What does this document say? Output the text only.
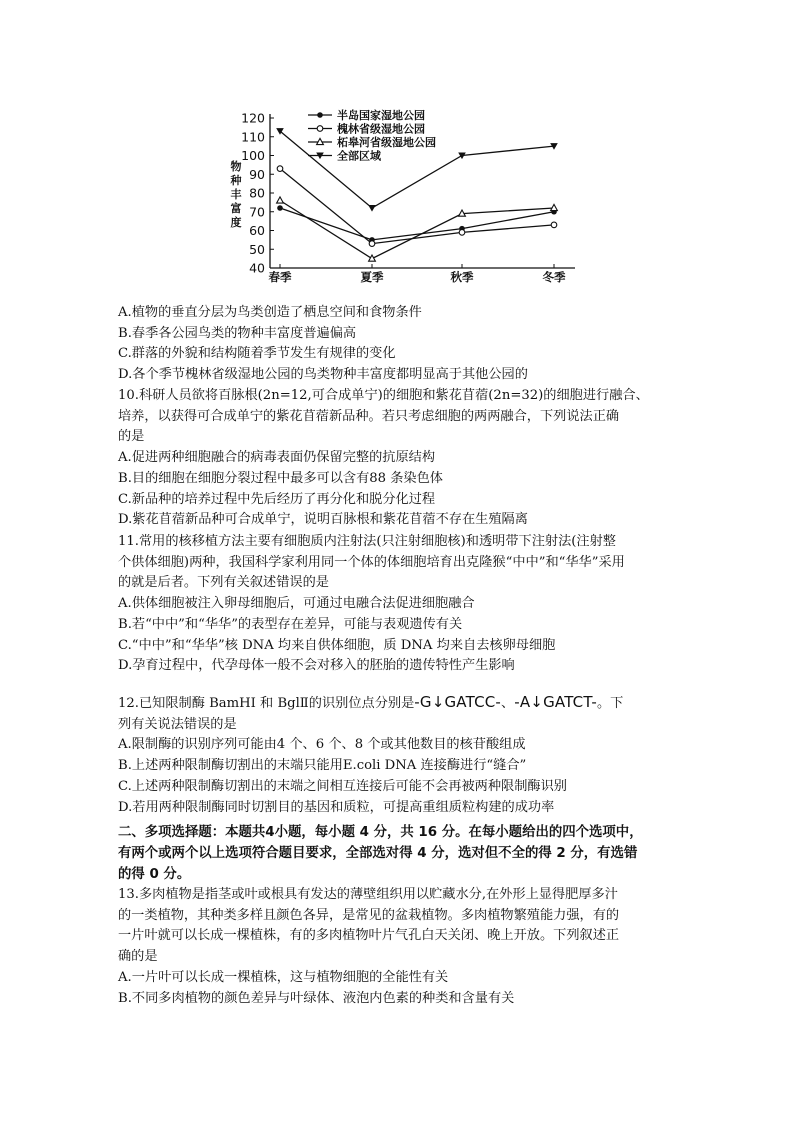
40
50
60
70
80
90
100
110
120
春季	夏季	秋季	冬季
物
种
丰
富
度
半岛国家湿地公园
槐林省级湿地公园
柘皋河省级湿地公园
全部区域
A.植物的垂直分层为鸟类创造了栖息空间和食物条件
B.春季各公园鸟类的物种丰富度普遍偏高
C.群落的外貌和结构随着季节发生有规律的变化
D.各个季节槐林省级湿地公园的鸟类物种丰富度都明显高于其他公园的
10.科研人员欲将百脉根(2n=12,可合成单宁)的细胞和紫花苜蓿(2n=32)的细胞进行融合、
培养，以获得可合成单宁的紫花苜蓿新品种。若只考虑细胞的两两融合，下列说法正确
的是
A.促进两种细胞融合的病毒表面仍保留完整的抗原结构
B.目的细胞在细胞分裂过程中最多可以含有88 条染色体
C.新品种的培养过程中先后经历了再分化和脱分化过程
D.紫花苜蓿新品种可合成单宁，说明百脉根和紫花苜蓿不存在生殖隔离
11.常用的核移植方法主要有细胞质内注射法(只注射细胞核)和透明带下注射法(注射整
个供体细胞)两种，我国科学家利用同一个体的体细胞培育出克隆猴“中中”和“华华”采用
的就是后者。下列有关叙述错误的是
A.供体细胞被注入卵母细胞后，可通过电融合法促进细胞融合
B.若“中中”和“华华”的表型存在差异，可能与表观遗传有关
C.“中中”和“华华”核 DNA 均来自供体细胞，质 DNA 均来自去核卵母细胞
D.孕育过程中，代孕母体一般不会对移入的胚胎的遗传特性产生影响
12.已知限制酶 BamHI 和 BglⅡ的识别位点分别是-G↓GATCC-、-A↓GATCT-。下
列有关说法错误的是
A.限制酶的识别序列可能由4 个、6 个、8 个或其他数目的核苷酸组成
B.上述两种限制酶切割出的末端只能用E.coli DNA 连接酶进行“缝合”
C.上述两种限制酶切割出的末端之间相互连接后可能不会再被两种限制酶识别
D.若用两种限制酶同时切割目的基因和质粒，可提高重组质粒构建的成功率
二、多项选择题：本题共4小题，每小题 4 分，共 16 分。在每小题给出的四个选项中，
有两个或两个以上选项符合题目要求，全部选对得 4 分，选对但不全的得 2 分，有选错
的得 0 分。
13.多肉植物是指茎或叶或根具有发达的薄壁组织用以贮藏水分,在外形上显得肥厚多汁
的一类植物，其种类多样且颜色各异，是常见的盆栽植物。多肉植物繁殖能力强，有的
一片叶就可以长成一棵植株，有的多肉植物叶片气孔白天关闭、晚上开放。下列叙述正
确的是
A.一片叶可以长成一棵植株，这与植物细胞的全能性有关
B.不同多肉植物的颜色差异与叶绿体、液泡内色素的种类和含量有关
